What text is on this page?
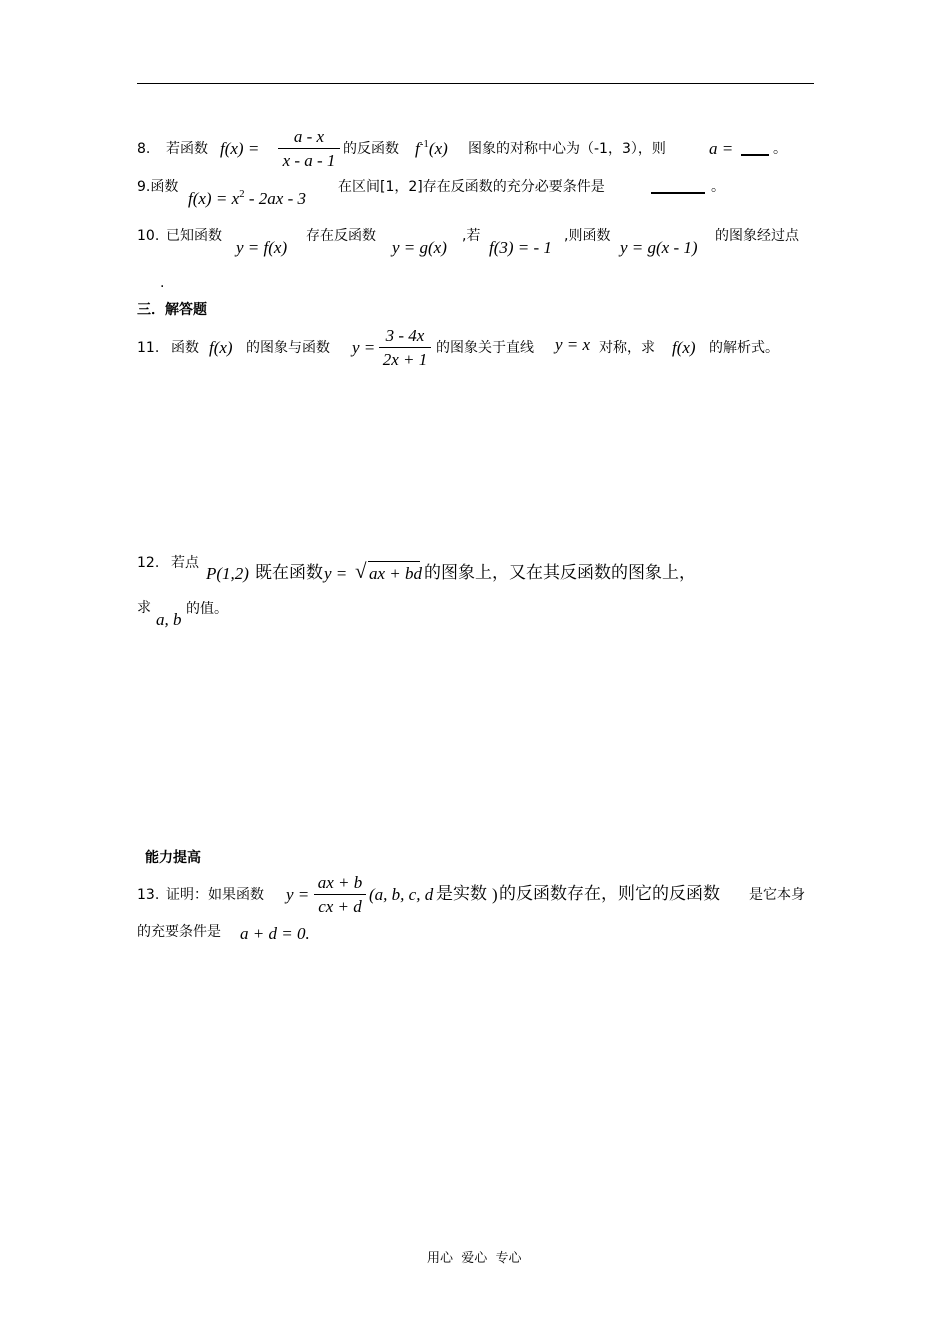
8. 若函数 f(x) =
a - x
x - a - 1
的反函数 $f^{-1}(x)$ 图象的对称中心为（-1，3），则	a =	。
9.函数
$f(x) = x^2 - 2ax - 3$
在区间[1，2]存在反函数的充分必要条件是	。
10. 已知函数
y = f(x)
存在反函数
y = g(x)
,若
f(3) = - 1
,则函数
y = g(x - 1)
的图象经过点
.
三．解答题
11. 函数 f(x) 的图象与函数 y =
3 - 4x
2x + 1
的图象关于直线 y = x 对称，求 f(x) 的解析式。
12. 若点
P(1,2) 既在函数 y = √ ax + bd 的图象上，又在其反函数的图象上，
求
a, b
的值。
能力提高
13. 证明：如果函数 y =
ax + b
cx + d
(a, b, c, d 是实数 ) 的反函数存在，则它的反函数 是它本身
的充要条件是 a + d = 0.
用心  爱心  专心
